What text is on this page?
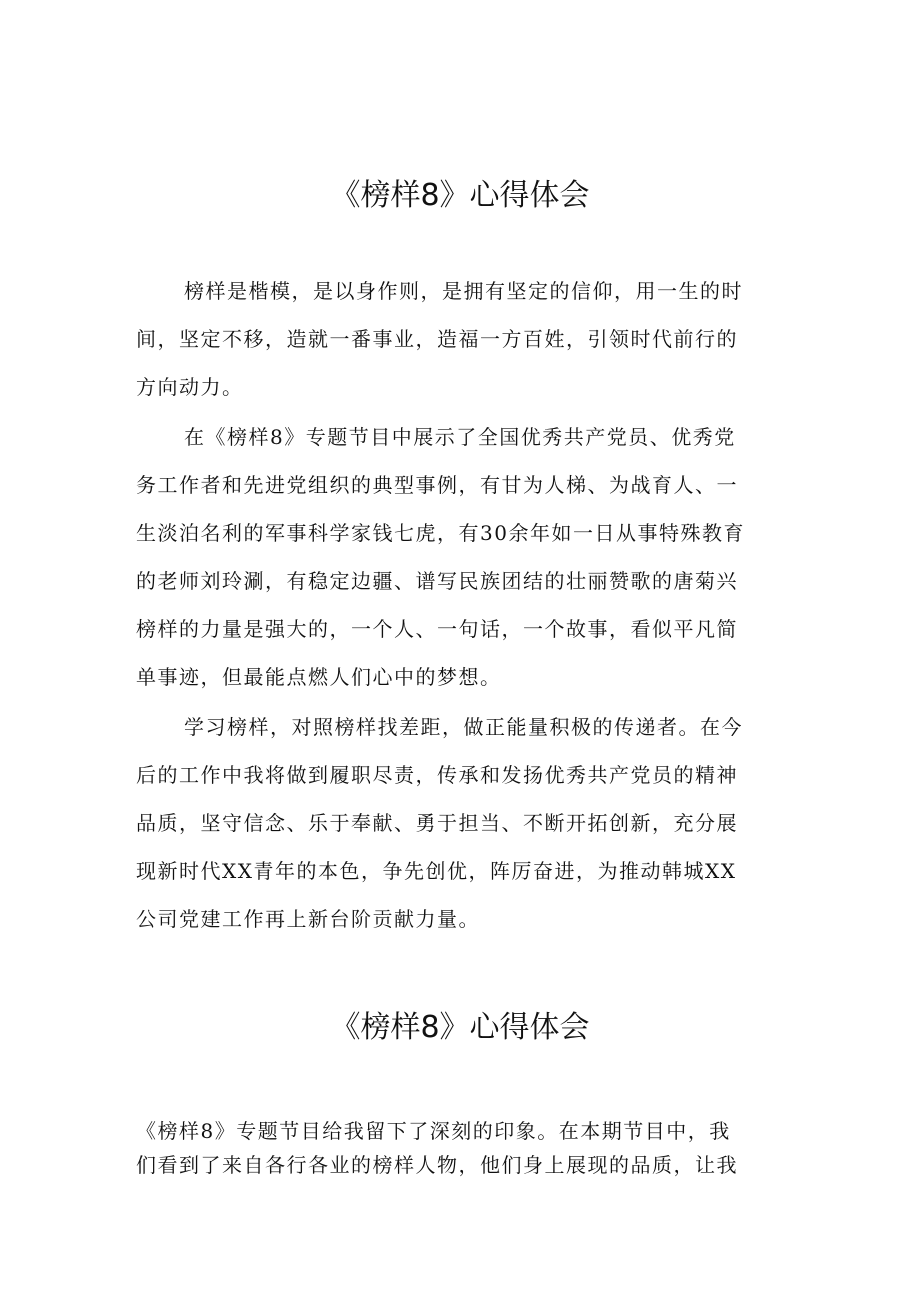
《榜样8》心得体会
榜样是楷模，是以身作则，是拥有坚定的信仰，用一生的时
间，坚定不移，造就一番事业，造福一方百姓，引领时代前行的
方向动力。
在《榜样8》专题节目中展示了全国优秀共产党员、优秀党
务工作者和先进党组织的典型事例，有甘为人梯、为战育人、一
生淡泊名利的军事科学家钱七虎，有30余年如一日从事特殊教育
的老师刘玲涮，有稳定边疆、谱写民族团结的壮丽赞歌的唐菊兴
榜样的力量是强大的，一个人、一句话，一个故事，看似平凡简
单事迹，但最能点燃人们心中的梦想。
学习榜样，对照榜样找差距，做正能量积极的传递者。在今
后的工作中我将做到履职尽责，传承和发扬优秀共产党员的精神
品质，坚守信念、乐于奉献、勇于担当、不断开拓创新，充分展
现新时代XX青年的本色，争先创优，阵厉奋进，为推动韩城XX
公司党建工作再上新台阶贡献力量。
《榜样8》心得体会
《榜样8》专题节目给我留下了深刻的印象。在本期节目中，我
们看到了来自各行各业的榜样人物，他们身上展现的品质，让我
